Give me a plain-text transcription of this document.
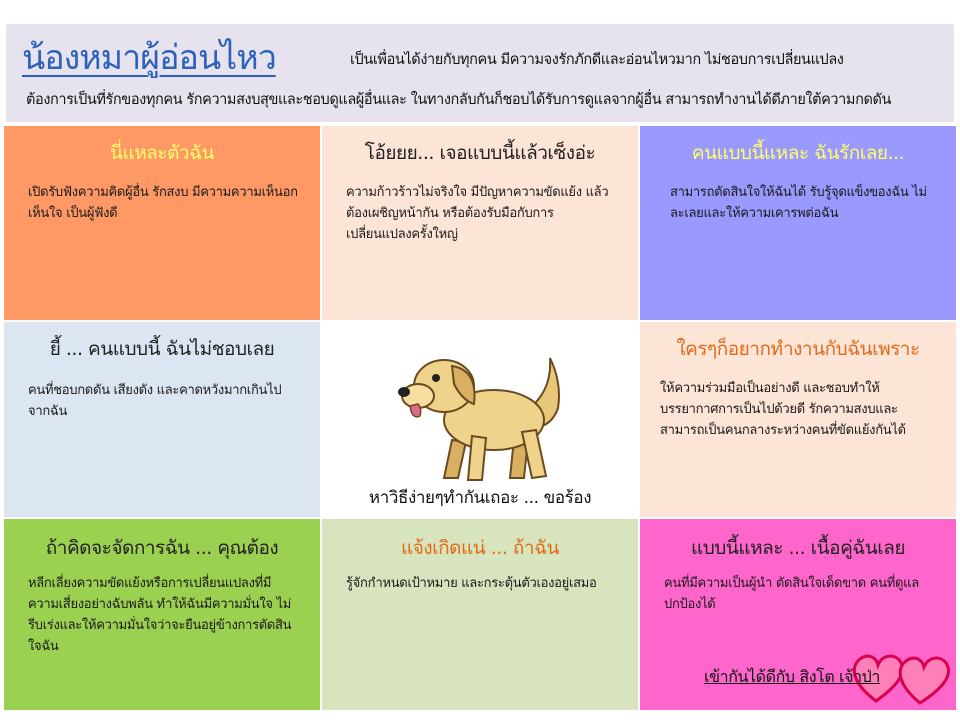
น้องหมาผู้อ่อนไหว	เป็นเพื่อนได้ง่ายกับทุกคน มีความจงรักภักดีและอ่อนไหวมาก ไม่ชอบการเปลี่ยนแปลง
ต้องการเป็นที่รักของทุกคน รักความสงบสุขและชอบดูแลผู้อื่นและ ในทางกลับกันก็ชอบได้รับการดูแลจากผู้อื่น สามารถทำงานได้ดีภายใต้ความกดดัน
นี่แหละตัวฉัน
เปิดรับฟังความคิดผู้อื่น รักสงบ มีความความเห็นอกเห็นใจ เป็นผู้ฟังดี
โอ้ยยย... เจอแบบนี้แล้วเซ็งอ่ะ
ความก้าวร้าวไม่จริงใจ มีปัญหาความขัดแย้ง แล้วต้องเผชิญหน้ากัน หรือต้องรับมือกับการเปลี่ยนแปลงครั้งใหญ่
คนแบบนี้แหละ ฉันรักเลย...
สามารถตัดสินใจให้ฉันได้ รับรู้จุดแข็งของฉัน ไม่ละเลยและให้ความเคารพต่อฉัน
ยี้ ... คนแบบนี้ ฉันไม่ชอบเลย
คนที่ชอบกดดัน เสียงดัง และคาดหวังมากเกินไปจากฉัน
หาวิธีง่ายๆทำกันเถอะ ... ขอร้อง
ใครๆก็อยากทำงานกับฉันเพราะ
ให้ความร่วมมือเป็นอย่างดี และชอบทำให้บรรยากาศการเป็นไปด้วยดี รักความสงบและสามารถเป็นคนกลางระหว่างคนที่ขัดแย้งกันได้
ถ้าคิดจะจัดการฉัน ... คุณต้อง
หลีกเลี่ยงความขัดแย้งหรือการเปลี่ยนแปลงที่มีความเสี่ยงอย่างฉับพลัน ทำให้ฉันมีความมั่นใจ ไม่รีบเร่งและให้ความมั่นใจว่าจะยืนอยู่ข้างการตัดสินใจฉัน
แจ้งเกิดแน่ ... ถ้าฉัน
รู้จักกำหนดเป้าหมาย และกระตุ้นตัวเองอยู่เสมอ
แบบนี้แหละ ... เนื้อคู่ฉันเลย
คนที่มีความเป็นผู้นำ ตัดสินใจเด็ดขาด คนที่ดูแลปกป้องได้
เข้ากันได้ดีกับ สิงโต เจ้าป่า
